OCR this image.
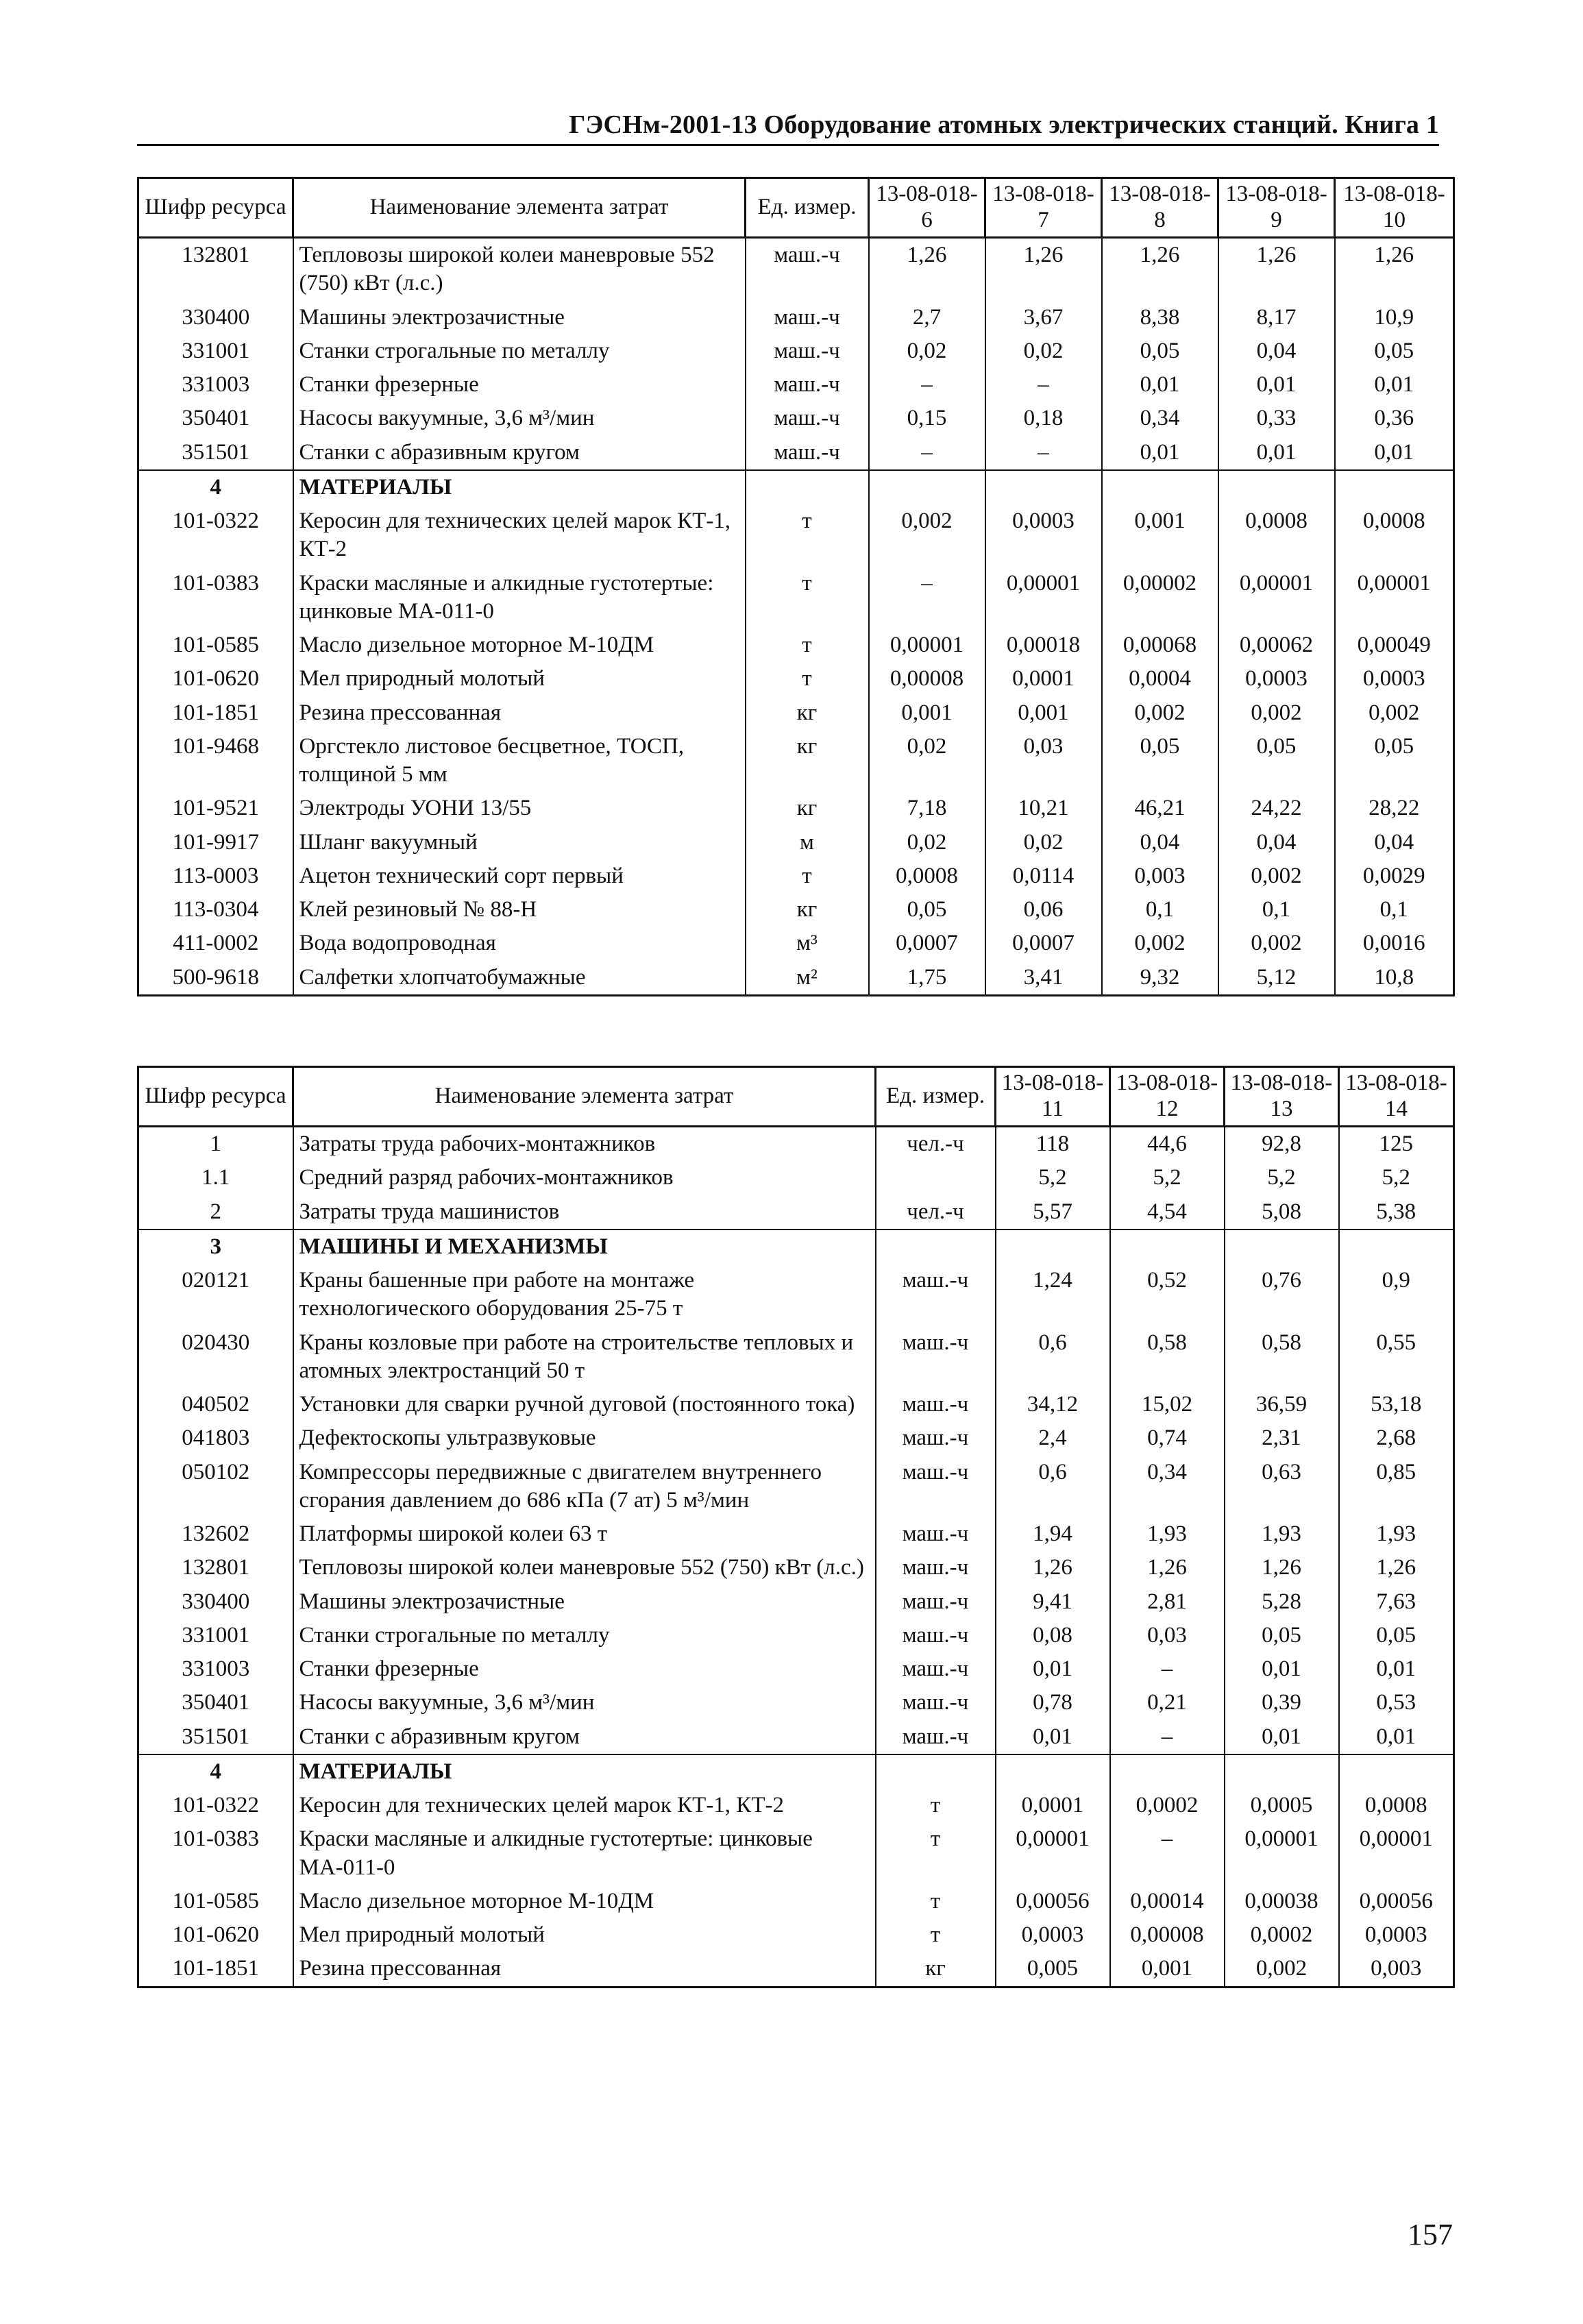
ГЭСНм-2001-13 Оборудование атомных электрических станций. Книга 1
Шифр ресурса	Наименование элемента затрат	Ед. измер.	13-08-018-6	13-08-018-7	13-08-018-8	13-08-018-9	13-08-018-10
132801	Тепловозы широкой колеи маневровые 552 (750) кВт (л.с.)	маш.-ч	1,26	1,26	1,26	1,26	1,26
330400	Машины электрозачистные	маш.-ч	2,7	3,67	8,38	8,17	10,9
331001	Станки строгальные по металлу	маш.-ч	0,02	0,02	0,05	0,04	0,05
331003	Станки фрезерные	маш.-ч	–	–	0,01	0,01	0,01
350401	Насосы вакуумные, 3,6 м³/мин	маш.-ч	0,15	0,18	0,34	0,33	0,36
351501	Станки с абразивным кругом	маш.-ч	–	–	0,01	0,01	0,01
4	МАТЕРИАЛЫ						
101-0322	Керосин для технических целей марок КТ-1, КТ-2	т	0,002	0,0003	0,001	0,0008	0,0008
101-0383	Краски масляные и алкидные густотертые: цинковые МА-011-0	т	–	0,00001	0,00002	0,00001	0,00001
101-0585	Масло дизельное моторное М-10ДМ	т	0,00001	0,00018	0,00068	0,00062	0,00049
101-0620	Мел природный молотый	т	0,00008	0,0001	0,0004	0,0003	0,0003
101-1851	Резина прессованная	кг	0,001	0,001	0,002	0,002	0,002
101-9468	Оргстекло листовое бесцветное, ТОСП, толщиной 5 мм	кг	0,02	0,03	0,05	0,05	0,05
101-9521	Электроды УОНИ 13/55	кг	7,18	10,21	46,21	24,22	28,22
101-9917	Шланг вакуумный	м	0,02	0,02	0,04	0,04	0,04
113-0003	Ацетон технический сорт первый	т	0,0008	0,0114	0,003	0,002	0,0029
113-0304	Клей резиновый № 88-Н	кг	0,05	0,06	0,1	0,1	0,1
411-0002	Вода водопроводная	м³	0,0007	0,0007	0,002	0,002	0,0016
500-9618	Салфетки хлопчатобумажные	м²	1,75	3,41	9,32	5,12	10,8
Шифр ресурса	Наименование элемента затрат	Ед. измер.	13-08-018-11	13-08-018-12	13-08-018-13	13-08-018-14
1	Затраты труда рабочих-монтажников	чел.-ч	118	44,6	92,8	125
1.1	Средний разряд рабочих-монтажников		5,2	5,2	5,2	5,2
2	Затраты труда машинистов	чел.-ч	5,57	4,54	5,08	5,38
3	МАШИНЫ И МЕХАНИЗМЫ					
020121	Краны башенные при работе на монтаже технологического оборудования 25-75 т	маш.-ч	1,24	0,52	0,76	0,9
020430	Краны козловые при работе на строительстве тепловых и атомных электростанций 50 т	маш.-ч	0,6	0,58	0,58	0,55
040502	Установки для сварки ручной дуговой (постоянного тока)	маш.-ч	34,12	15,02	36,59	53,18
041803	Дефектоскопы ультразвуковые	маш.-ч	2,4	0,74	2,31	2,68
050102	Компрессоры передвижные с двигателем внутреннего сгорания давлением до 686 кПа (7 ат) 5 м³/мин	маш.-ч	0,6	0,34	0,63	0,85
132602	Платформы широкой колеи 63 т	маш.-ч	1,94	1,93	1,93	1,93
132801	Тепловозы широкой колеи маневровые 552 (750) кВт (л.с.)	маш.-ч	1,26	1,26	1,26	1,26
330400	Машины электрозачистные	маш.-ч	9,41	2,81	5,28	7,63
331001	Станки строгальные по металлу	маш.-ч	0,08	0,03	0,05	0,05
331003	Станки фрезерные	маш.-ч	0,01	–	0,01	0,01
350401	Насосы вакуумные, 3,6 м³/мин	маш.-ч	0,78	0,21	0,39	0,53
351501	Станки с абразивным кругом	маш.-ч	0,01	–	0,01	0,01
4	МАТЕРИАЛЫ					
101-0322	Керосин для технических целей марок КТ-1, КТ-2	т	0,0001	0,0002	0,0005	0,0008
101-0383	Краски масляные и алкидные густотертые: цинковые МА-011-0	т	0,00001	–	0,00001	0,00001
101-0585	Масло дизельное моторное М-10ДМ	т	0,00056	0,00014	0,00038	0,00056
101-0620	Мел природный молотый	т	0,0003	0,00008	0,0002	0,0003
101-1851	Резина прессованная	кг	0,005	0,001	0,002	0,003
157
